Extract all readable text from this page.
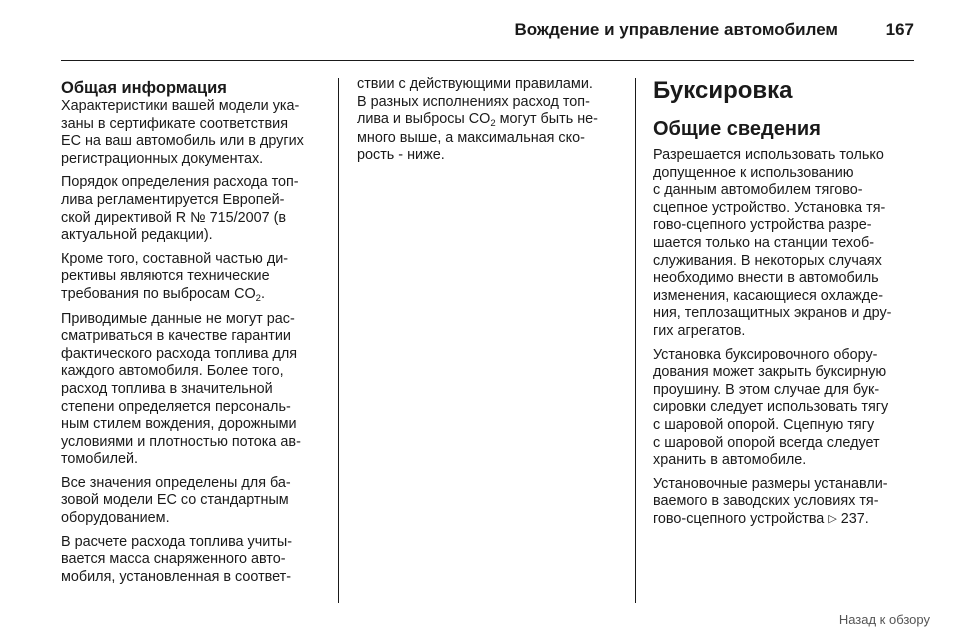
Вождение и управление автомобилем	167
Общая информация

Характеристики вашей модели ука-
заны в сертификате соответствия
ЕС на ваш автомобиль или в других
регистрационных документах.

Порядок определения расхода топ-
лива регламентируется Европей-
ской директивой R № 715/2007 (в
актуальной редакции).

Кроме того, составной частью ди-
рективы являются технические
требования по выбросам $CO_2$.

Приводимые данные не могут рас-
сматриваться в качестве гарантии
фактического расхода топлива для
каждого автомобиля. Более того,
расход топлива в значительной
степени определяется персональ-
ным стилем вождения, дорожными
условиями и плотностью потока ав-
томобилей.

Все значения определены для ба-
зовой модели ЕС со стандартным
оборудованием.

В расчете расхода топлива учиты-
вается масса снаряженного авто-
мобиля, установленная в соответ-

ствии с действующими правилами.
В разных исполнениях расход топ-
лива и выбросы $CO_2$ могут быть не-
много выше, а максимальная ско-
рость - ниже.

Буксировка
Общие сведения

Разрешается использовать только
допущенное к использованию
с данным автомобилем тягово-
сцепное устройство. Установка тя-
гово-сцепного устройства разре-
шается только на станции техоб-
служивания. В некоторых случаях
необходимо внести в автомобиль
изменения, касающиеся охлажде-
ния, теплозащитных экранов и дру-
гих агрегатов.

Установка буксировочного обору-
дования может закрыть буксирную
проушину. В этом случае для бук-
сировки следует использовать тягу
с шаровой опорой. Сцепную тягу
с шаровой опорой всегда следует
хранить в автомобиле.

Установочные размеры устанавли-
ваемого в заводских условиях тя-
гово-сцепного устройства ▷ 237.

Назад к обзору
